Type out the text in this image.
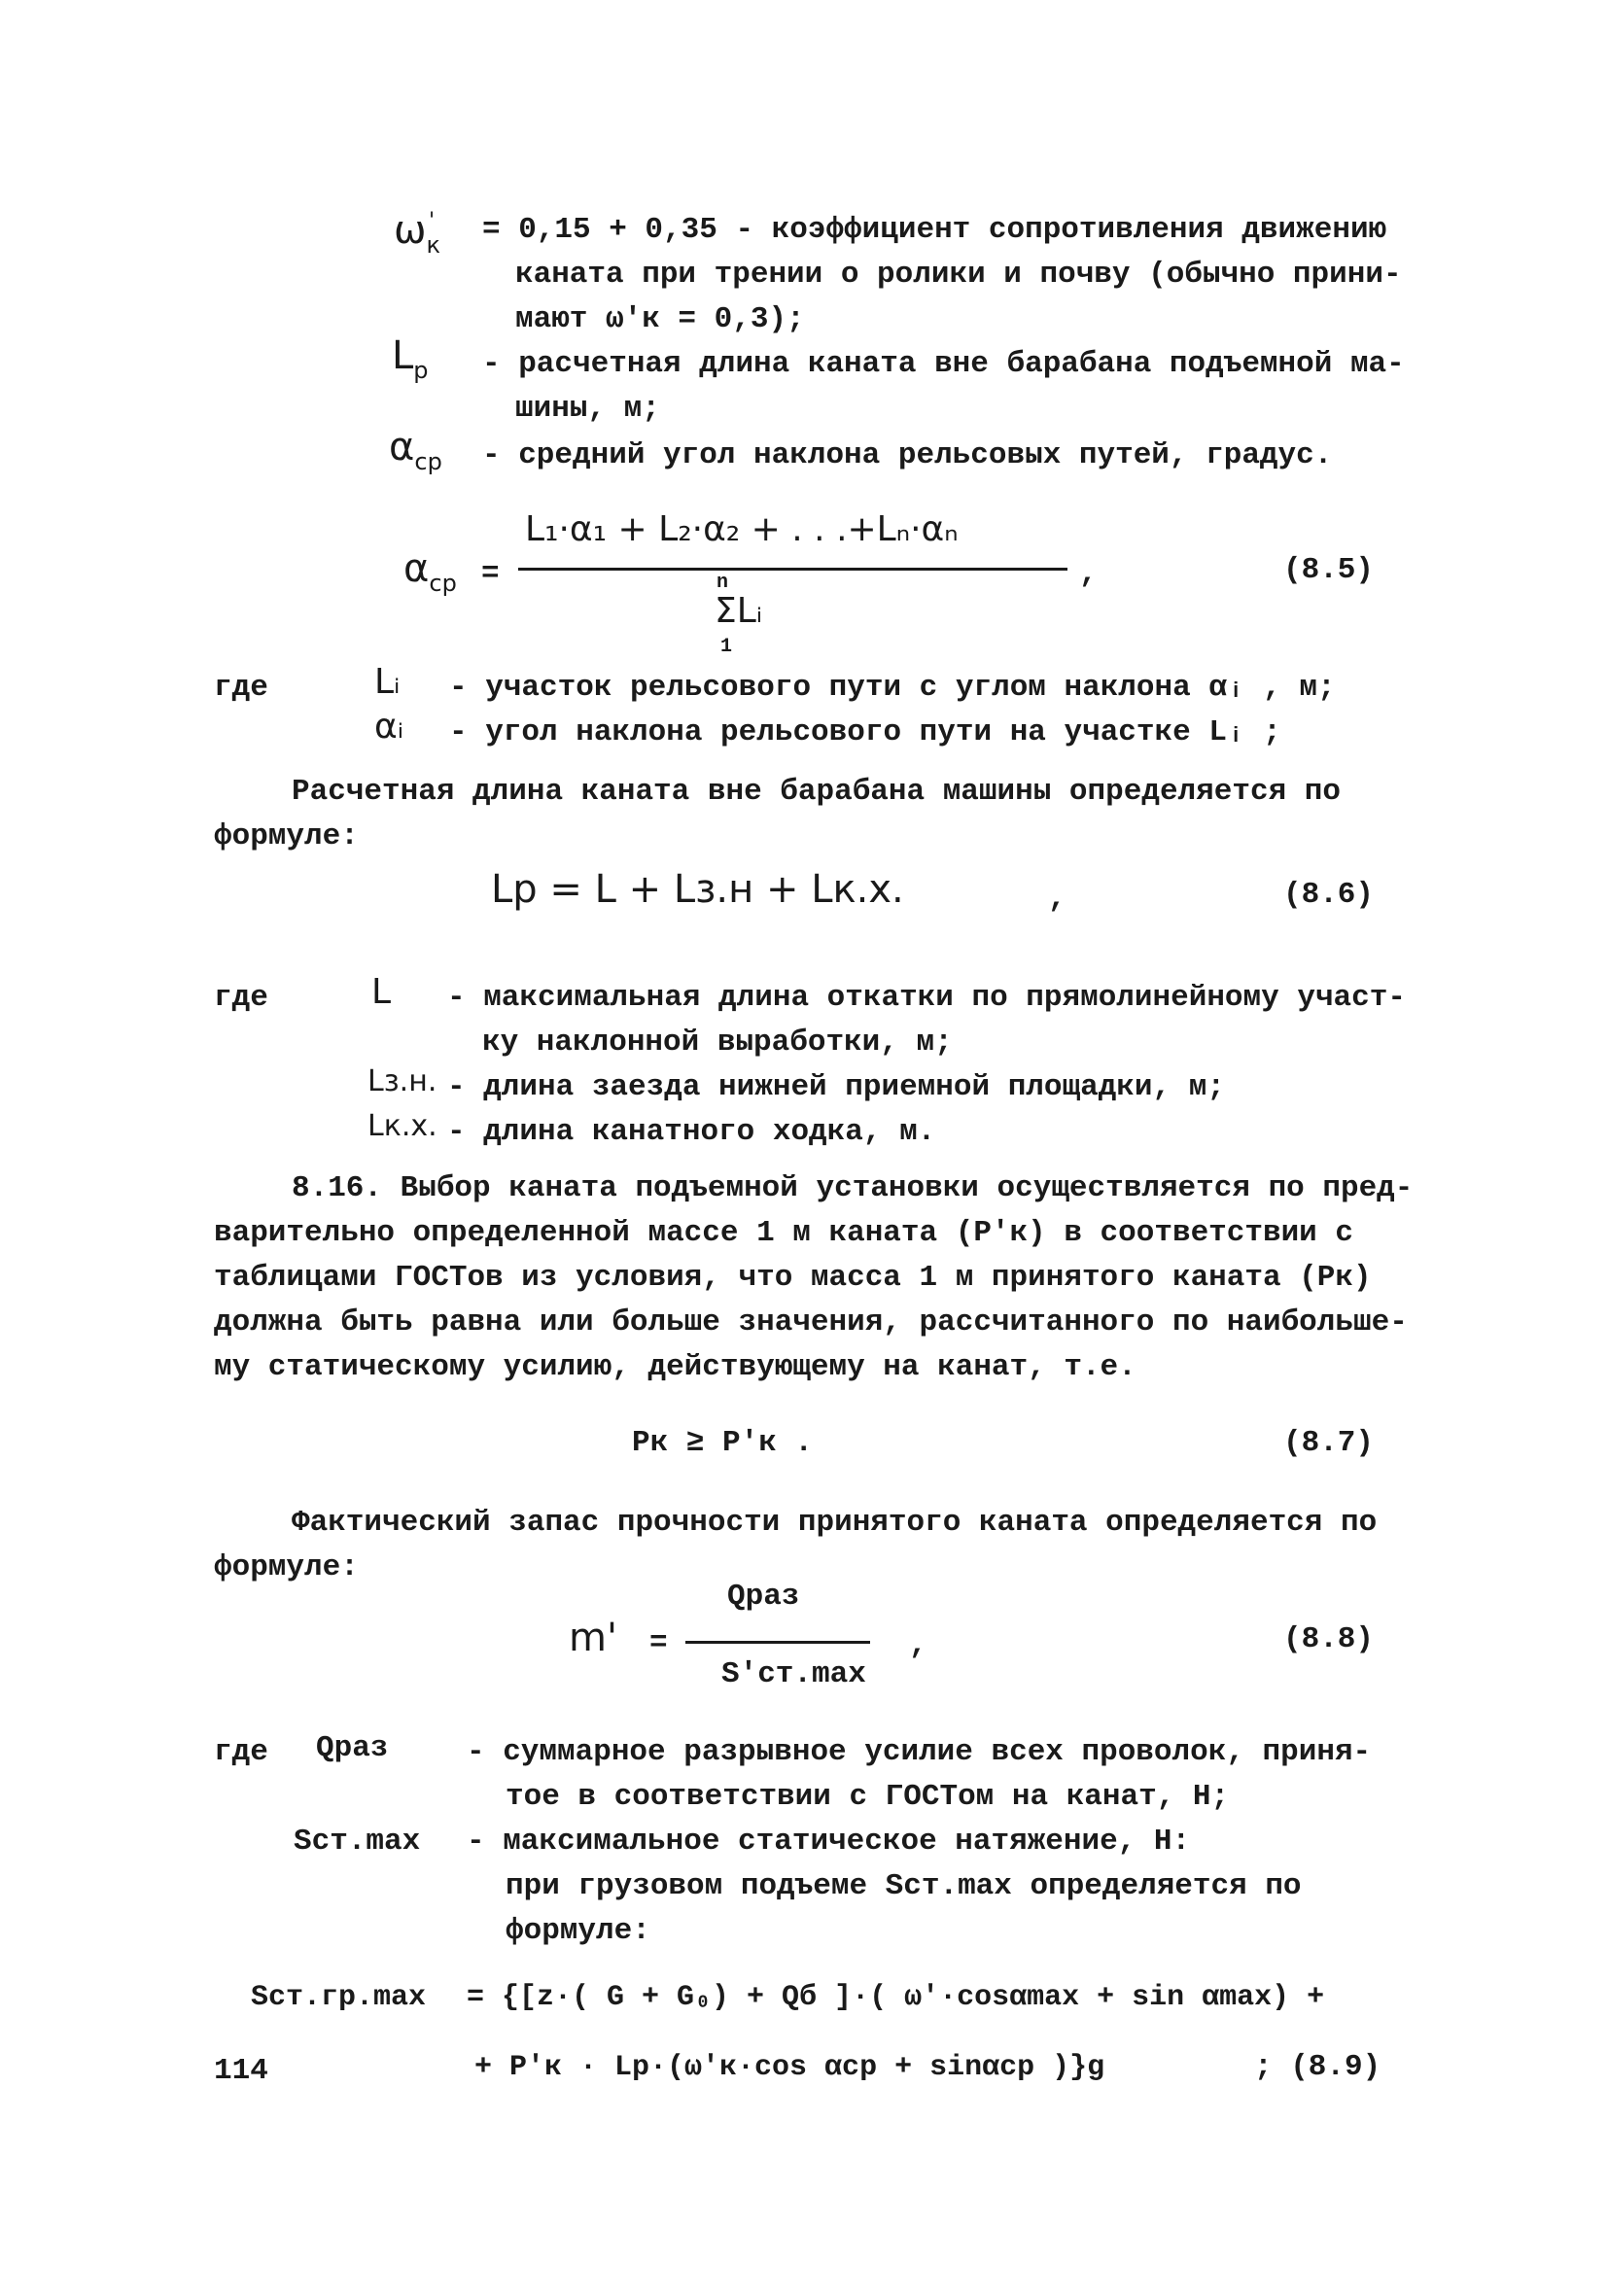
$\omega_к' = 0,15 + 0,35$ - коэффициент сопротивления движению
каната при трении о ролики и почву (обычно прини-
мают ω'к = 0,3);
$L_р$ - расчетная длина каната вне барабана подъемной ма-
шины, м;
$\alpha_{ср}$ - средний угол наклона рельсовых путей, градус.
$\alpha_{ср}$ =
L₁·α₁ + L₂·α₂ + . . .+Lₙ·αₙ
n
ΣLᵢ
1
,	(8.5)
где	Lᵢ - участок рельсового пути с углом наклона αᵢ , м;
αᵢ - угол наклона рельсового пути на участке Lᵢ ;
Расчетная длина каната вне барабана машины определяется по
формуле:
Lр = L + Lз.н + Lк.х.	,	(8.6)
где	L - максимальная длина откатки по прямолинейному участ-
ку наклонной выработки, м;
Lз.н. - длина заезда нижней приемной площадки, м;
Lк.х. - длина канатного ходка, м.
8.16. Выбор каната подъемной установки осуществляется по пред-
варительно определенной массе 1 м каната (P'к) в соответствии с
таблицами ГОСТов из условия, что масса 1 м принятого каната (Pк)
должна быть равна или больше значения, рассчитанного по наибольше-
му статическому усилию, действующему на канат, т.е.
Pк ≥ P'к .	(8.7)
Фактический запас прочности принятого каната определяется по
формуле:
m' =
Qраз
S'ст.max
,	(8.8)
где Qраз	- суммарное разрывное усилие всех проволок, приня-
тое в соответствии с ГОСТом на канат, Н;
Sст.max - максимальное статическое натяжение, Н:
при грузовом подъеме Sст.max определяется по
формуле:
Sст.гр.max = {[z·( G + G₀) + Qб ]·( ω'·cosαmax + sin αmax) +
+ P'к · Lр·(ω'к·cos αср + sinαср )}g	; (8.9)
114
